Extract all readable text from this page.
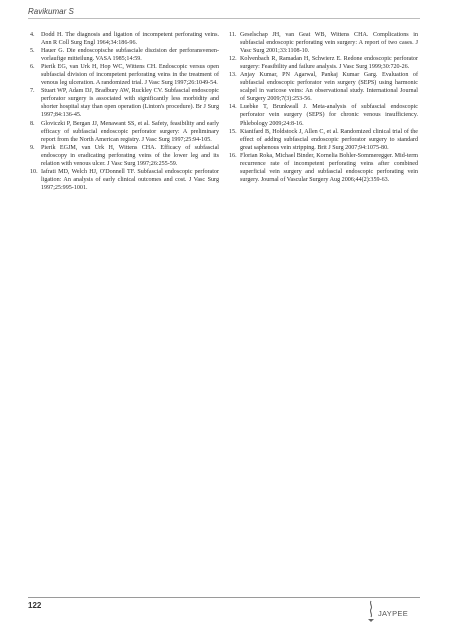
Ravikumar S
4. Dodd H. The diagnosis and ligation of incompetent perforating veins. Ann R Coll Surg Engl 1964;34:186-96.
5. Hauer G. Die endoscopische subfasciale diszision der perforansvenen-vorlaufige mitteilung. VASA 1985;14:59.
6. Pierik EG, van Urk H, Hop WC, Wittens CH. Endoscopic versus open subfascial division of incompetent perforating veins in the treatment of venous leg ulceration. A randomized trial. J Vasc Surg 1997;26:1049-54.
7. Stuart WP, Adam DJ, Bradbury AW, Ruckley CV. Subfascial endoscopic perforator surgery is associated with significantly less morbidity and shorter hospital stay than open operation (Linton's procedure). Br J Surg 1997;84:136-45.
8. Gloviczki P, Bergan JJ, Menawant SS, et al. Safety, feasibility and early efficacy of subfascial endoscopic perforator surgery: A preliminary report from the North American registry. J Vasc Surg 1997;25:94-105.
9. Pierik EGJM, van Urk H, Wittens CHA. Efficacy of subfascial endoscopy in eradicating perforating veins of the lower leg and its relation with venous ulcer. J Vasc Surg 1997;26:255-59.
10. Iafrati MD, Welch HJ, O'Donnell TF. Subfascial endoscopic perforator ligation: An analysis of early clinical outcomes and cost. J Vasc Surg 1997;25:995-1001.
11. Geselschap JH, van Geat WB, Wittens CHA. Complications in subfascial endoscopic perforating vein surgery: A report of two cases. J Vasc Surg 2001;33:1108-10.
12. Kolvenbach R, Ramadan H, Schwierz E. Redone endoscopic perforator surgery: Feasibility and failure analysis. J Vasc Surg 1999;30:720-26.
13. Anjay Kumar, PN Agarwal, Pankaj Kumar Garg. Evaluation of subfascial endoscopic perforator vein surgery (SEPS) using harmonic scalpel in varicose veins: An observational study. International Journal of Surgery 2009;7(3):253-56.
14. Luebke T, Brunkwall J. Meta-analysis of subfascial endoscopic perforator vein surgery (SEPS) for chronic venous insufficiency. Phlebology 2009;24:8-16.
15. Kianifard B, Holdstock J, Allen C, et al. Randomized clinical trial of the effect of adding subfascial endoscopic perforator surgery to standard great saphenous vein stripping. Brit J Surg 2007;94:1075-80.
16. Florian Roka, Michael Binder, Kornelia Bohler-Sommeregger. Mid-term recurrence rate of incompetent perforating veins after combined superficial vein surgery and subfascial endoscopic perforating vein surgery. Journal of Vascular Surgery Aug 2006;44(2):359-63.
122
JAYPEE
